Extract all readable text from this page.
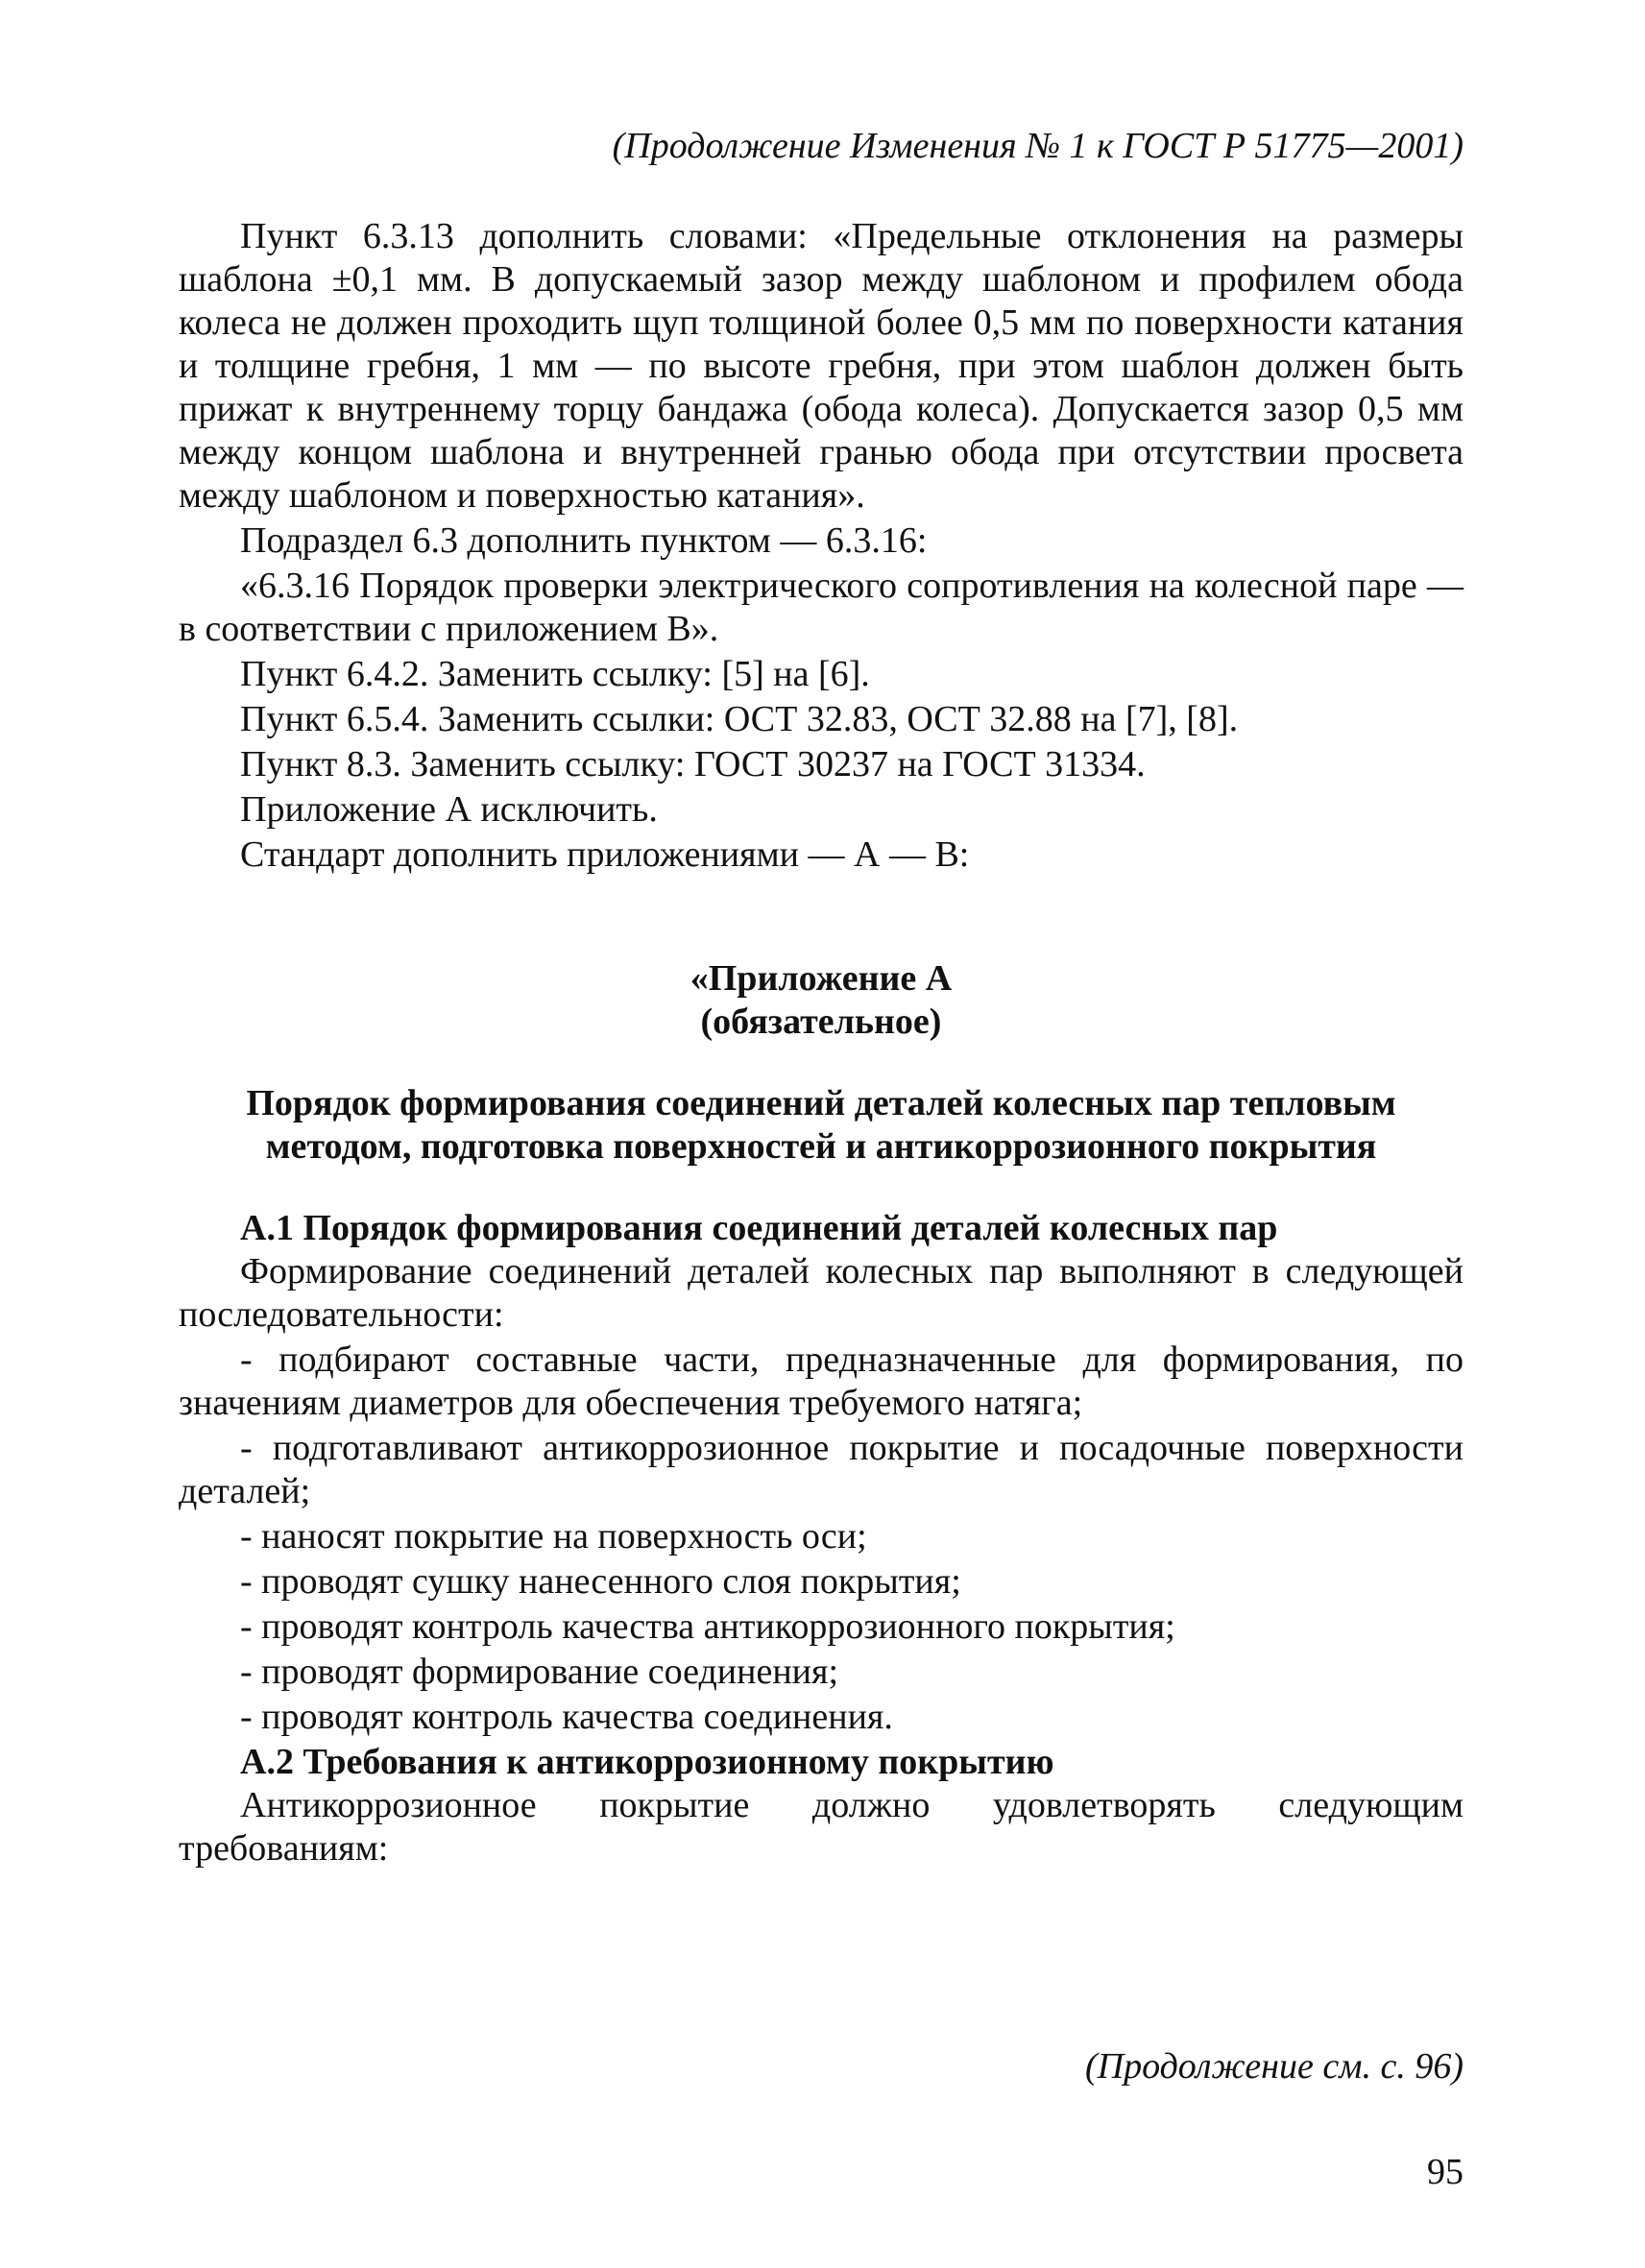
(Продолжение Изменения № 1 к ГОСТ Р 51775—2001)

Пункт 6.3.13 дополнить словами: «Предельные отклонения на размеры шаблона ±0,1 мм. В допускаемый зазор между шаблоном и профилем обода колеса не должен проходить щуп толщиной более 0,5 мм по поверхности катания и толщине гребня, 1 мм — по высоте гребня, при этом шаблон должен быть прижат к внутреннему торцу бандажа (обода колеса). Допускается зазор 0,5 мм между концом шаблона и внутренней гранью обода при отсутствии просвета между шаблоном и поверхностью катания».

Подраздел 6.3 дополнить пунктом — 6.3.16:

«6.3.16 Порядок проверки электрического сопротивления на колесной паре — в соответствии с приложением В».

Пункт 6.4.2. Заменить ссылку: [5] на [6].

Пункт 6.5.4. Заменить ссылки: ОСТ 32.83, ОСТ 32.88 на [7], [8].

Пункт 8.3. Заменить ссылку: ГОСТ 30237 на ГОСТ 31334.

Приложение А исключить.

Стандарт дополнить приложениями — А — В:

«Приложение А

(обязательное)

Порядок формирования соединений деталей колесных пар тепловым методом, подготовка поверхностей и антикоррозионного покрытия

А.1 Порядок формирования соединений деталей колесных пар

Формирование соединений деталей колесных пар выполняют в следующей последовательности:

- подбирают составные части, предназначенные для формирования, по значениям диаметров для обеспечения требуемого натяга;

- подготавливают антикоррозионное покрытие и посадочные поверхности деталей;

- наносят покрытие на поверхность оси;

- проводят сушку нанесенного слоя покрытия;

- проводят контроль качества антикоррозионного покрытия;

- проводят формирование соединения;

- проводят контроль качества соединения.

А.2 Требования к антикоррозионному покрытию

Антикоррозионное покрытие должно удовлетворять следующим требованиям:

(Продолжение см. с. 96)
95
